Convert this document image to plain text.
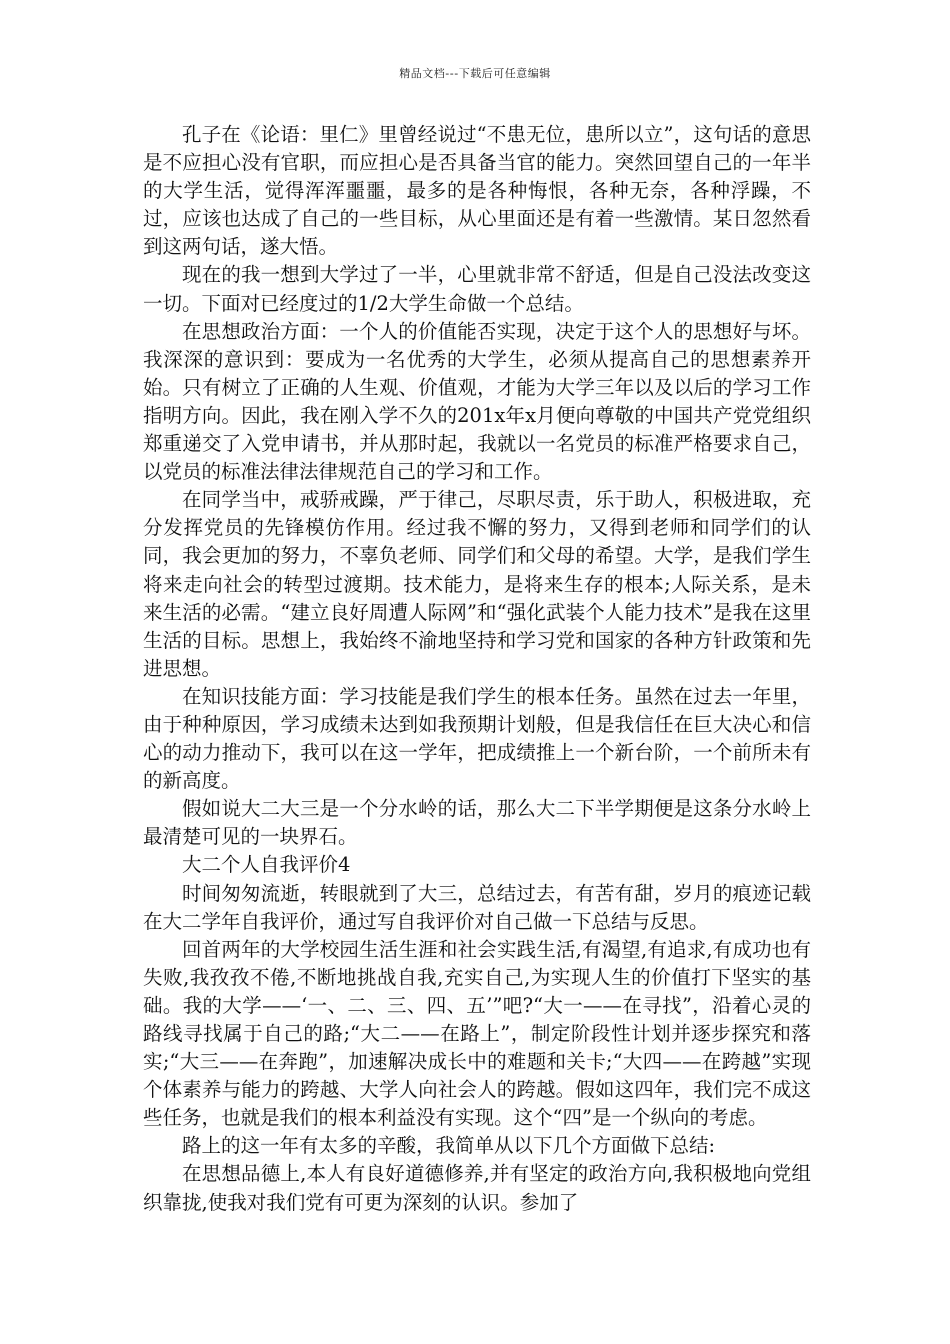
精品文档---下载后可任意编辑

孔子在《论语：里仁》里曾经说过“不患无位，患所以立”，这句话的意思是不应担心没有官职，而应担心是否具备当官的能力。突然回望自己的一年半的大学生活，觉得浑浑噩噩，最多的是各种悔恨，各种无奈，各种浮躁，不过，应该也达成了自己的一些目标，从心里面还是有着一些激情。某日忽然看到这两句话，遂大悟。

现在的我一想到大学过了一半，心里就非常不舒适，但是自己没法改变这一切。下面对已经度过的1/2大学生命做一个总结。

在思想政治方面：一个人的价值能否实现，决定于这个人的思想好与坏。我深深的意识到：要成为一名优秀的大学生，必须从提高自己的思想素养开始。只有树立了正确的人生观、价值观，才能为大学三年以及以后的学习工作指明方向。因此，我在刚入学不久的201x年x月便向尊敬的中国共产党党组织郑重递交了入党申请书，并从那时起，我就以一名党员的标准严格要求自己，以党员的标准法律法律规范自己的学习和工作。

在同学当中，戒骄戒躁，严于律己，尽职尽责，乐于助人，积极进取，充分发挥党员的先锋模仿作用。经过我不懈的努力，又得到老师和同学们的认同，我会更加的努力，不辜负老师、同学们和父母的希望。大学，是我们学生将来走向社会的转型过渡期。技术能力，是将来生存的根本;人际关系，是未来生活的必需。“建立良好周遭人际网”和“强化武装个人能力技术”是我在这里生活的目标。思想上，我始终不渝地坚持和学习党和国家的各种方针政策和先进思想。

在知识技能方面：学习技能是我们学生的根本任务。虽然在过去一年里，由于种种原因，学习成绩未达到如我预期计划般，但是我信任在巨大决心和信心的动力推动下，我可以在这一学年，把成绩推上一个新台阶，一个前所未有的新高度。

假如说大二大三是一个分水岭的话，那么大二下半学期便是这条分水岭上最清楚可见的一块界石。

大二个人自我评价4

时间匆匆流逝，转眼就到了大三，总结过去，有苦有甜，岁月的痕迹记载在大二学年自我评价，通过写自我评价对自己做一下总结与反思。

回首两年的大学校园生活生涯和社会实践生活,有渴望,有追求,有成功也有失败,我孜孜不倦,不断地挑战自我,充实自己,为实现人生的价值打下坚实的基础。我的大学——‘一、二、三、四、五’”吧?“大一——在寻找”，沿着心灵的路线寻找属于自己的路;“大二——在路上”，制定阶段性计划并逐步探究和落实;“大三——在奔跑”，加速解决成长中的难题和关卡;“大四——在跨越”实现个体素养与能力的跨越、大学人向社会人的跨越。假如这四年，我们完不成这些任务，也就是我们的根本利益没有实现。这个“四”是一个纵向的考虑。

路上的这一年有太多的辛酸，我简单从以下几个方面做下总结:

在思想品德上,本人有良好道德修养,并有坚定的政治方向,我积极地向党组织靠拢,使我对我们党有可更为深刻的认识。参加了
